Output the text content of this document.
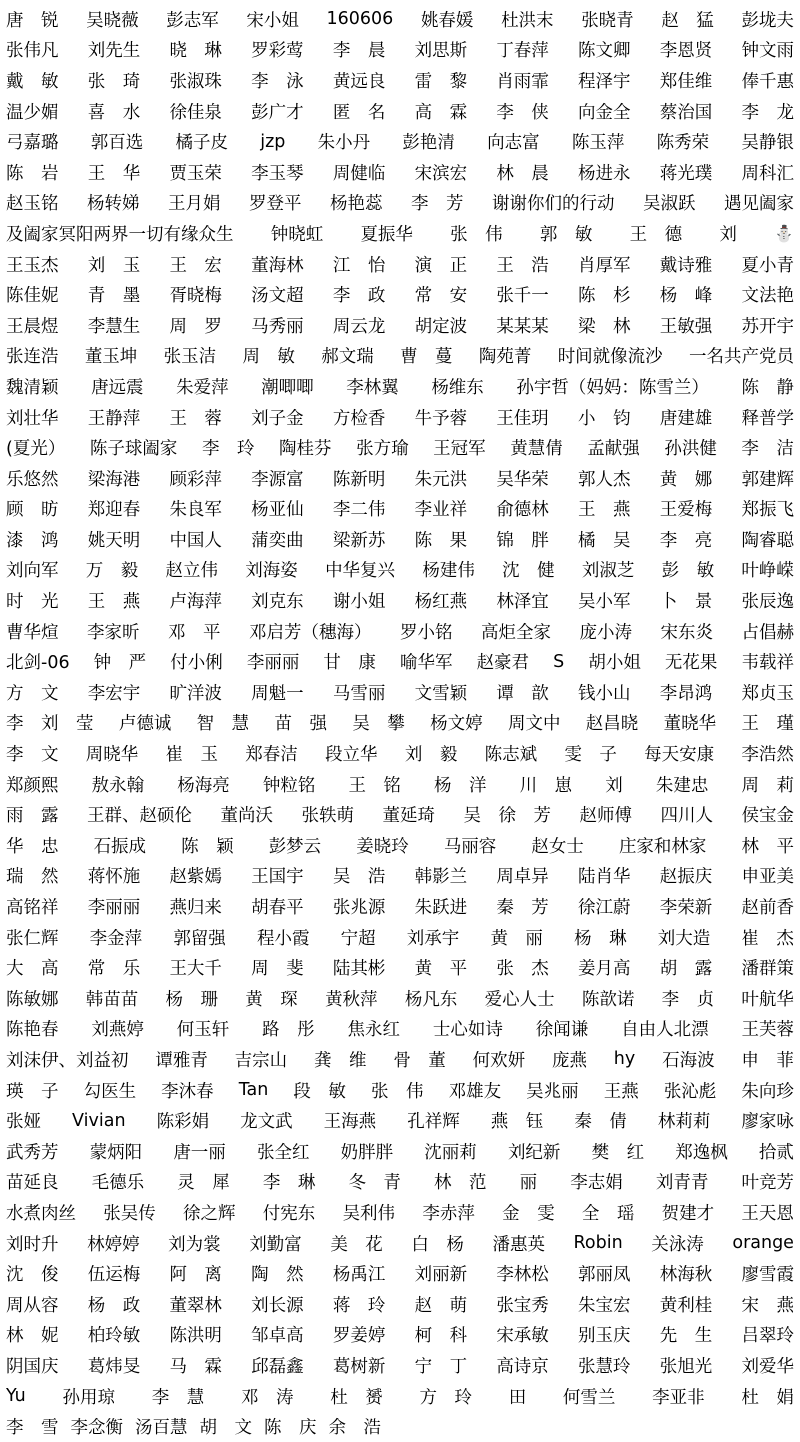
唐　锐 吴晓薇 彭志军 宋小姐 160606 姚春媛 杜洪末 张晓青 赵　猛 彭垅夫
张伟凡 刘先生 晓　琳 罗彩莺 李　晨 刘思斯 丁春萍 陈文卿 李恩贤 钟文雨
戴　敏 张　琦 张淑珠 李　泳 黄远良 雷　黎 肖雨霏 程泽宇 郑佳维 俸千惠
温少媚 喜　水 徐佳泉 彭广才 匿　名 高　霖 李　侠 向金全 蔡治国 李　龙
弓嘉璐 郭百选 橘子皮 jzp 朱小丹 彭艳清 向志富 陈玉萍 陈秀荣 吴静银
陈　岩 王　华 贾玉荣 李玉琴 周健临 宋滨宏 林　晨 杨进永 蒋光璞 周科汇
赵玉铭 杨转娣 王月娟 罗登平 杨艳蕊 李　芳 谢谢你们的行动 吴淑跃 遇见阖家
及阖家冥阳两界一切有缘众生 钟晓虹 夏振华 张　伟 郭　敏 王　德 刘 ⛄
王玉杰 刘　玉 王　宏 董海林 江　怡 演　正 王　浩 肖厚军 戴诗雅 夏小青
陈佳妮 青　墨 胥晓梅 汤文超 李　政 常　安 张千一 陈　杉 杨　峰 文法艳
王晨煜 李慧生 周　罗 马秀丽 周云龙 胡定波 某某某 梁　林 王敏强 苏开宇
张连浩 董玉坤 张玉洁 周　敏 郝文瑞 曹　蔓 陶苑菁 时间就像流沙 一名共产党员
魏清颖 唐远震 朱爱萍 潮唧唧 李林翼 杨维东 孙宇哲（妈妈：陈雪兰） 陈　静
刘壮华 王静萍 王　蓉 刘子金 方检香 牛予蓉 王佳玥 小　钧 唐建雄 释普学
(夏光） 陈子球阖家 李　玲 陶桂芬 张方瑜 王冠军 黄慧倩 孟献强 孙洪健 李　洁
乐悠然 梁海港 顾彩萍 李源富 陈新明 朱元洪 吴华荣 郭人杰 黄　娜 郭建辉
顾　昉 郑迎春 朱良军 杨亚仙 李二伟 李业祥 俞德林 王　燕 王爱梅 郑振飞
漆　鸿 姚天明 中国人 蒲奕曲 梁新苏 陈　果 锦　胖 橘　吴 李　亮 陶睿聪
刘向军 万　毅 赵立伟 刘海姿 中华复兴 杨建伟 沈　健 刘淑芝 彭　敏 叶峥嵘
时　光 王　燕 卢海萍 刘克东 谢小姐 杨红燕 林泽宜 吴小军 卜　景 张辰逸
曹华煊 李家昕 邓　平 邓启芳（穗海） 罗小铭 高炬全家 庞小涛 宋东炎 占倡赫
北剑-06 钟　严 付小俐 李丽丽 甘　康 喻华军 赵豪君 S 胡小姐 无花果 韦载祥
方　文 李宏宇 旷洋波 周魁一 马雪丽 文雪颖 谭　歆 钱小山 李昂鸿 郑贞玉
李　刘　莹 卢德诚 智　慧 苗　强 吴　攀 杨文婷 周文中 赵昌晓 董晓华 王　瑾
李　文 周晓华 崔　玉 郑春洁 段立华 刘　毅 陈志斌 雯　子 每天安康 李浩然
郑颜熙 敖永翰 杨海亮 钟粒铭 王　铭 杨　洋 川　崽 刘 朱建忠 周　莉
雨　露 王群、赵硕伦 董尚沃 张轶萌 董延琦 吴　徐　芳 赵师傅 四川人 侯宝金
华　忠 石振成 陈　颖 彭梦云 姜晓玲 马丽容 赵女士 庄家和林家 林　平
瑞　然 蒋怀施 赵紫嫣 王国宇 吴　浩 韩影兰 周卓异 陆肖华 赵振庆 申亚美
高铭祥 李丽丽 燕归来 胡春平 张兆源 朱跃进 秦　芳 徐江蔚 李荣新 赵前香
张仁辉 李金萍 郭留强 程小霞 宁超 刘承宇 黄　丽 杨　琳 刘大造 崔　杰
大　高 常　乐 王大千 周　斐 陆其彬 黄　平 张　杰 姜月高 胡　露 潘群策
陈敏娜 韩苗苗 杨　珊 黄　琛 黄秋萍 杨凡东 爱心人士 陈歆诺 李　贞 叶航华
陈艳春 刘燕婷 何玉轩 路　彤 焦永红 士心如诗 徐闻谦 自由人北漂 王芙蓉
刘沫伊、刘益初 谭雅青 吉宗山 龚　维 骨　董 何欢妍 庞燕 hy 石海波 申　菲
瑛　子 勾医生 李沐春 Tan 段　敏 张　伟 邓雄友 吴兆丽 王燕 张沁彪 朱向珍
张娅 Vivian 陈彩娟 龙文武 王海燕 孔祥辉 燕　钰 秦　倩 林莉莉 廖家咏
武秀芳 蒙炳阳 唐一丽 张全红 奶胖胖 沈丽莉 刘纪新 樊　红 郑逸枫 拾贰
苗延良 毛德乐 灵　犀 李　琳 冬　青 林　范 丽 李志娟 刘青青 叶竞芳
水煮肉丝 张吴传 徐之辉 付宪东 吴利伟 李赤萍 金　雯 全　瑶 贺建才 王天恩
刘时升 林婷婷 刘为裳 刘勤富 美　花 白　杨 潘惠英 Robin 关泳涛 orange
沈　俊 伍运梅 阿　离 陶　然 杨禹江 刘丽新 李林松 郭丽凤 林海秋 廖雪霞
周从容 杨　政 董翠林 刘长源 蒋　玲 赵　萌 张宝秀 朱宝宏 黄利桂 宋　燕
林　妮 柏玲敏 陈洪明 邹卓高 罗姜婷 柯　科 宋承敏 别玉庆 先　生 吕翠玲
阴国庆 葛炜旻 马　霖 邱磊鑫 葛树新 宁　丁 高诗京 张慧玲 张旭光 刘爱华
Yu 孙用琼 李　慧 邓　涛 杜　赟 方　玲 田 何雪兰 李亚非 杜　娟
李　雪 李念衡 汤百慧 胡　文 陈　庆 余　浩
